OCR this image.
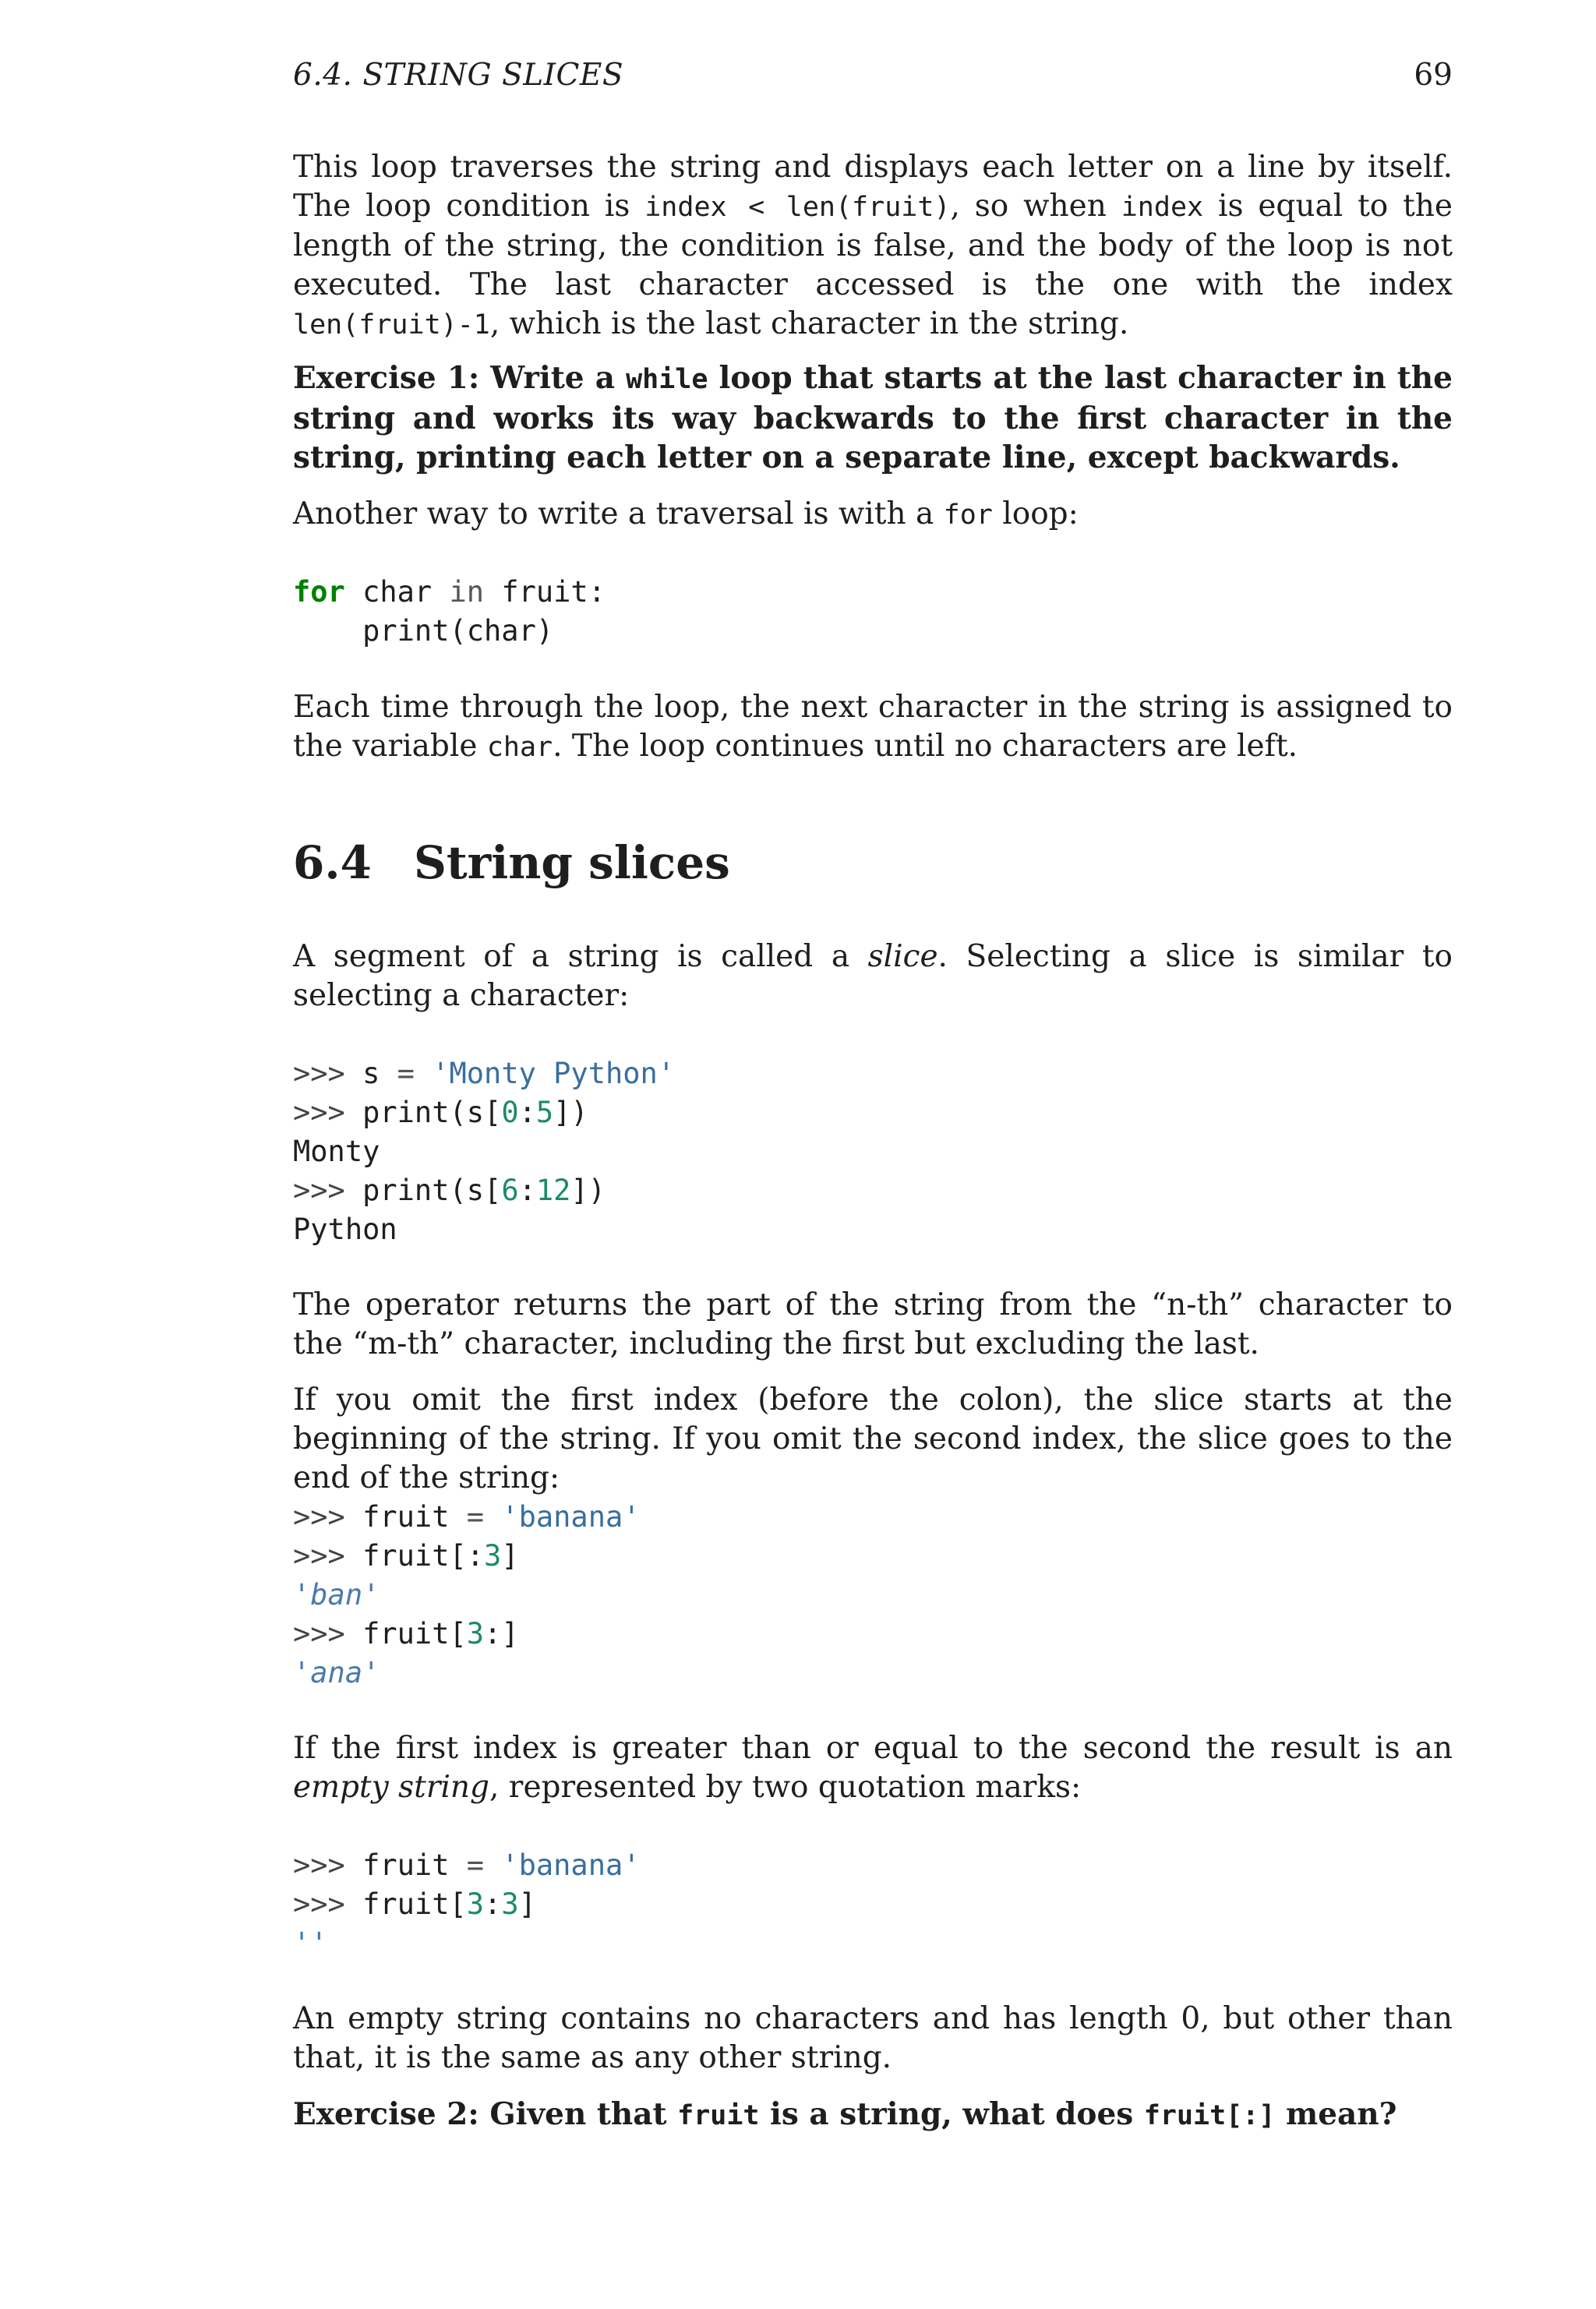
6.4. STRING SLICES	69

This loop traverses the string and displays each letter on a line by itself. The loop condition is index < len(fruit), so when index is equal to the length of the string, the condition is false, and the body of the loop is not executed. The last character accessed is the one with the index len(fruit)-1, which is the last character in the string.

Exercise 1: Write a while loop that starts at the last character in the string and works its way backwards to the first character in the string, printing each letter on a separate line, except backwards.

Another way to write a traversal is with a for loop:

for char in fruit:
print(char)

Each time through the loop, the next character in the string is assigned to the variable char. The loop continues until no characters are left.

6.4 String slices

A segment of a string is called a slice. Selecting a slice is similar to selecting a character:

>>> s = 'Monty Python'
>>> print(s[0:5])
Monty
>>> print(s[6:12])
Python

The operator returns the part of the string from the “n-th” character to the “m-th” character, including the first but excluding the last.

If you omit the first index (before the colon), the slice starts at the beginning of the string. If you omit the second index, the slice goes to the end of the string:

>>> fruit = 'banana'
>>> fruit[:3]
'ban'
>>> fruit[3:]
'ana'

If the first index is greater than or equal to the second the result is an empty string, represented by two quotation marks:

>>> fruit = 'banana'
>>> fruit[3:3]
''

An empty string contains no characters and has length 0, but other than that, it is the same as any other string.

Exercise 2: Given that fruit is a string, what does fruit[:] mean?
